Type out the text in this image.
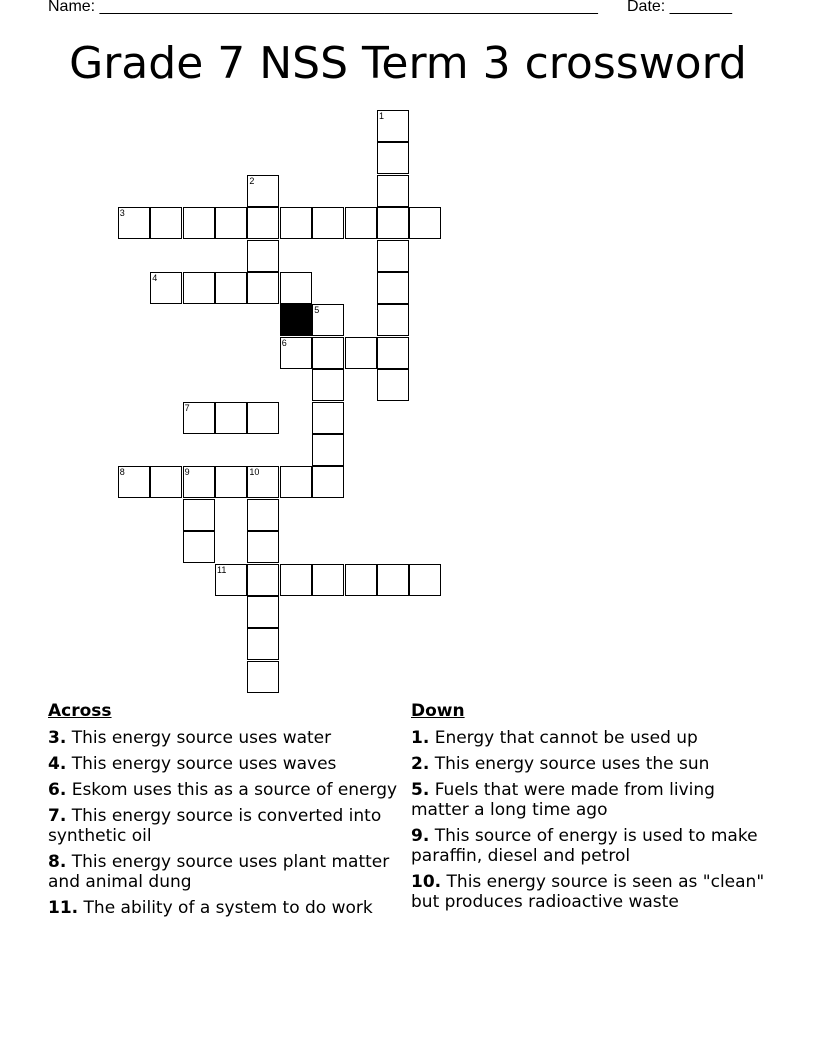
Name: ________________________________________________________ Date: _______
Grade 7 NSS Term 3 crossword
1
2
3
4
5
6
7
8	9	10
11
Across
3. This energy source uses water
4. This energy source uses waves
6. Eskom uses this as a source of energy
7. This energy source is converted into synthetic oil
8. This energy source uses plant matter and animal dung
11. The ability of a system to do work
Down
1. Energy that cannot be used up
2. This energy source uses the sun
5. Fuels that were made from living matter a long time ago
9. This source of energy is used to make paraffin, diesel and petrol
10. This energy source is seen as "clean" but produces radioactive waste
